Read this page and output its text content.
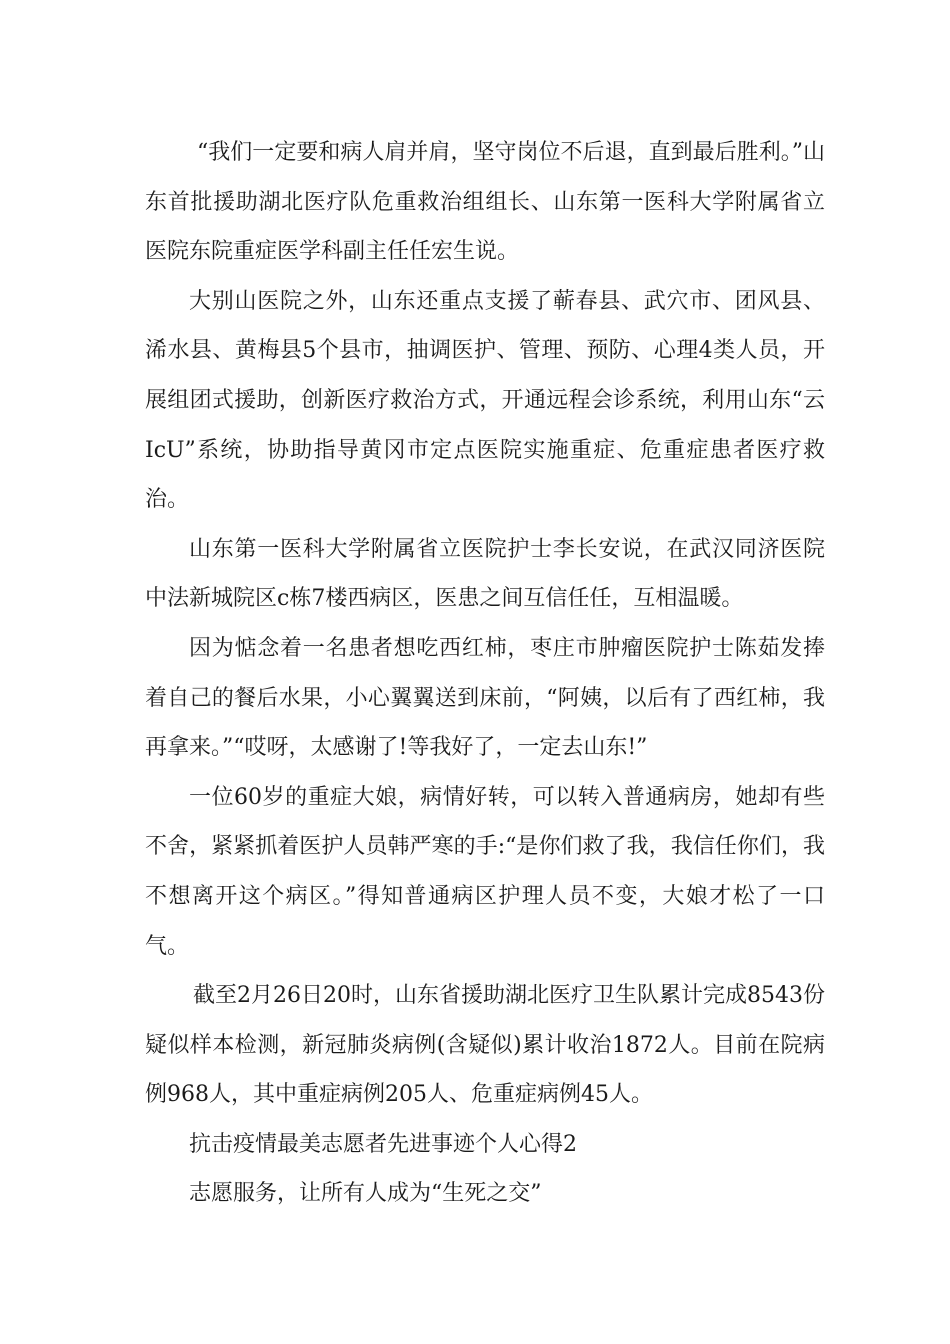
“我们一定要和病人肩并肩，坚守岗位不后退，直到最后胜利。”山东首批援助湖北医疗队危重救治组组长、山东第一医科大学附属省立医院东院重症医学科副主任任宏生说。

大别山医院之外，山东还重点支援了蕲春县、武穴市、团风县、浠水县、黄梅县5个县市，抽调医护、管理、预防、心理4类人员，开展组团式援助，创新医疗救治方式，开通远程会诊系统，利用山东“云IcU”系统，协助指导黄冈市定点医院实施重症、危重症患者医疗救治。

山东第一医科大学附属省立医院护士李长安说，在武汉同济医院中法新城院区c栋7楼西病区，医患之间互信任任，互相温暖。

因为惦念着一名患者想吃西红柿，枣庄市肿瘤医院护士陈茹发捧着自己的餐后水果，小心翼翼送到床前，“阿姨，以后有了西红柿，我再拿来。”“哎呀，太感谢了!等我好了，一定去山东!”

一位60岁的重症大娘，病情好转，可以转入普通病房，她却有些不舍，紧紧抓着医护人员韩严寒的手:“是你们救了我，我信任你们，我不想离开这个病区。”得知普通病区护理人员不变，大娘才松了一口气。

截至2月26日20时，山东省援助湖北医疗卫生队累计完成8543份疑似样本检测，新冠肺炎病例(含疑似)累计收治1872人。目前在院病例968人，其中重症病例205人、危重症病例45人。

抗击疫情最美志愿者先进事迹个人心得2

志愿服务，让所有人成为“生死之交”
